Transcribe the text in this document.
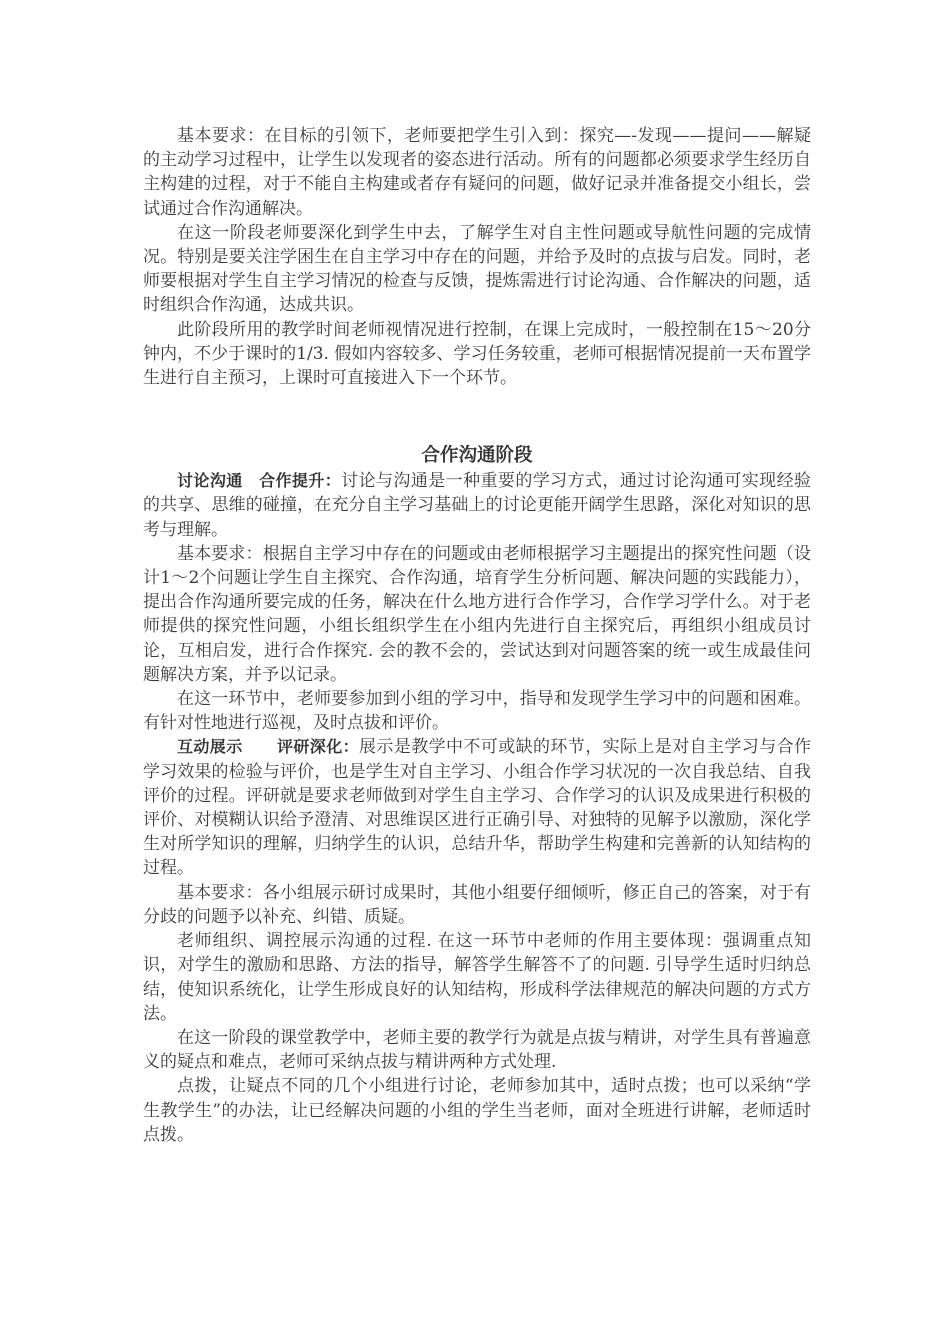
基本要求：在目标的引领下，老师要把学生引入到：探究—-发现——提问——解疑的主动学习过程中，让学生以发现者的姿态进行活动。所有的问题都必须要求学生经历自主构建的过程，对于不能自主构建或者存有疑问的问题，做好记录并准备提交小组长，尝试通过合作沟通解决。

在这一阶段老师要深化到学生中去，了解学生对自主性问题或导航性问题的完成情况。特别是要关注学困生在自主学习中存在的问题，并给予及时的点拔与启发。同时，老师要根据对学生自主学习情况的检查与反馈，提炼需进行讨论沟通、合作解决的问题，适时组织合作沟通，达成共识。

此阶段所用的教学时间老师视情况进行控制，在课上完成时，一般控制在15～20分钟内，不少于课时的1/3. 假如内容较多、学习任务较重，老师可根据情况提前一天布置学生进行自主预习，上课时可直接进入下一个环节。

合作沟通阶段

讨论沟通 合作提升：讨论与沟通是一种重要的学习方式，通过讨论沟通可实现经验的共享、思维的碰撞，在充分自主学习基础上的讨论更能开阔学生思路，深化对知识的思考与理解。

基本要求：根据自主学习中存在的问题或由老师根据学习主题提出的探究性问题（设计1～2个问题让学生自主探究、合作沟通，培育学生分析问题、解决问题的实践能力），提出合作沟通所要完成的任务，解决在什么地方进行合作学习，合作学习学什么。对于老师提供的探究性问题，小组长组织学生在小组内先进行自主探究后，再组织小组成员讨论，互相启发，进行合作探究. 会的教不会的，尝试达到对问题答案的统一或生成最佳问题解决方案，并予以记录。

在这一环节中，老师要参加到小组的学习中，指导和发现学生学习中的问题和困难。有针对性地进行巡视，及时点拔和评价。

互动展示 评研深化：展示是教学中不可或缺的环节，实际上是对自主学习与合作学习效果的检验与评价，也是学生对自主学习、小组合作学习状况的一次自我总结、自我评价的过程。评研就是要求老师做到对学生自主学习、合作学习的认识及成果进行积极的评价、对模糊认识给予澄清、对思维误区进行正确引导、对独特的见解予以激励，深化学生对所学知识的理解，归纳学生的认识，总结升华，帮助学生构建和完善新的认知结构的过程。

基本要求：各小组展示研讨成果时，其他小组要仔细倾听，修正自己的答案，对于有分歧的问题予以补充、纠错、质疑。

老师组织、调控展示沟通的过程. 在这一环节中老师的作用主要体现：强调重点知识，对学生的激励和思路、方法的指导，解答学生解答不了的问题. 引导学生适时归纳总结，使知识系统化，让学生形成良好的认知结构，形成科学法律规范的解决问题的方式方法。

在这一阶段的课堂教学中，老师主要的教学行为就是点拔与精讲，对学生具有普遍意义的疑点和难点，老师可采纳点拔与精讲两种方式处理.

点拨，让疑点不同的几个小组进行讨论，老师参加其中，适时点拨；也可以采纳“学生教学生”的办法，让已经解决问题的小组的学生当老师，面对全班进行讲解，老师适时点拨。
